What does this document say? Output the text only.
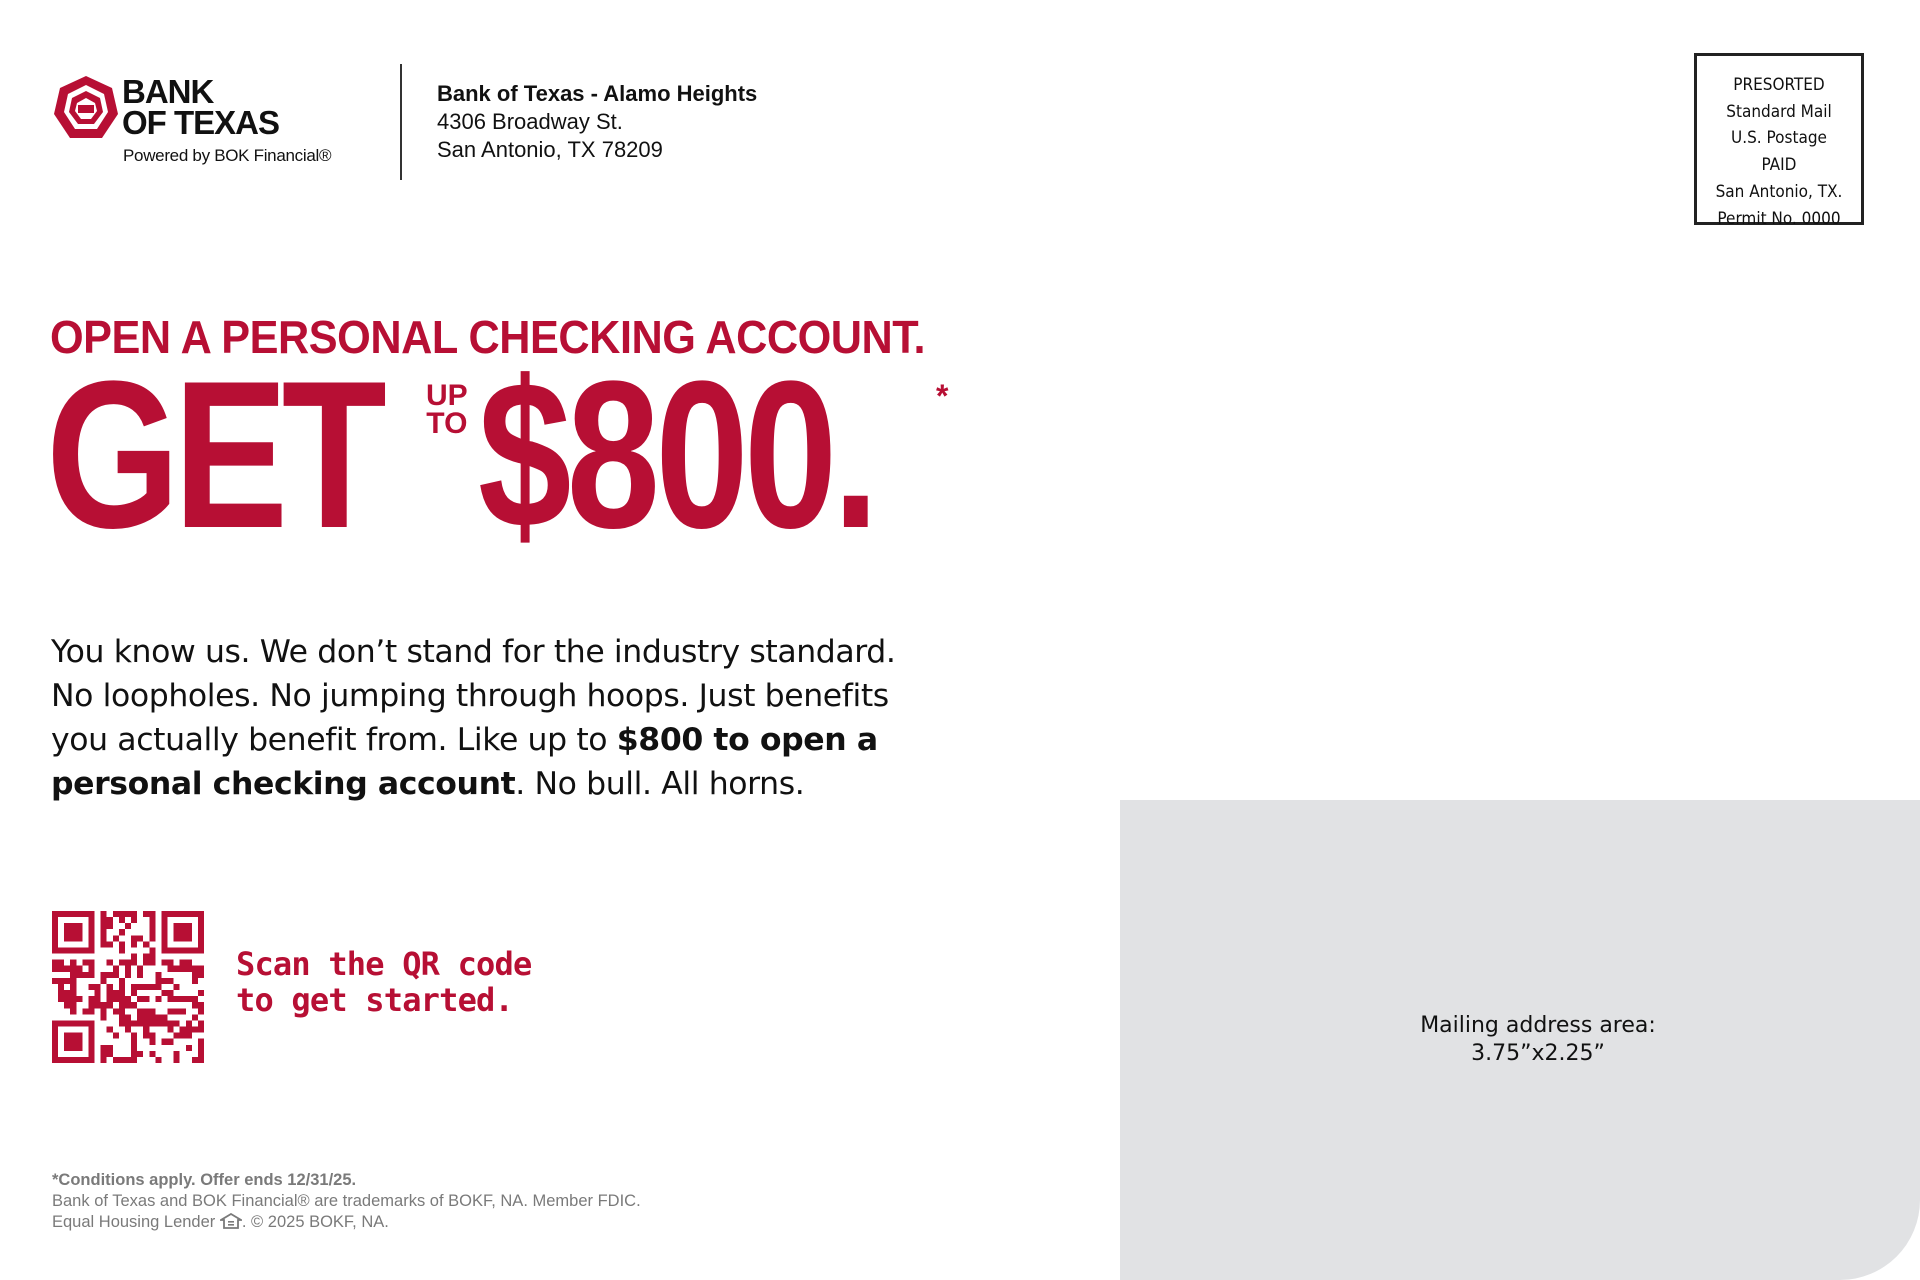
BANK
OF TEXAS
Powered by BOK Financial®
Bank of Texas - Alamo Heights
4306 Broadway St.
San Antonio, TX 78209
PRESORTED
Standard Mail
U.S. Postage
PAID
San Antonio, TX.
Permit No. 0000
OPEN A PERSONAL CHECKING ACCOUNT.
GET UP
TO $800. *
You know us. We don’t stand for the industry standard.
No loopholes. No jumping through hoops. Just benefits
you actually benefit from. Like up to $800 to open a
personal checking account. No bull. All horns.
Scan the QR code
to get started.
*Conditions apply. Offer ends 12/31/25.
Bank of Texas and BOK Financial® are trademarks of BOKF, NA. Member FDIC.
Equal Housing Lender . © 2025 BOKF, NA.
Mailing address area:
3.75”x2.25”
